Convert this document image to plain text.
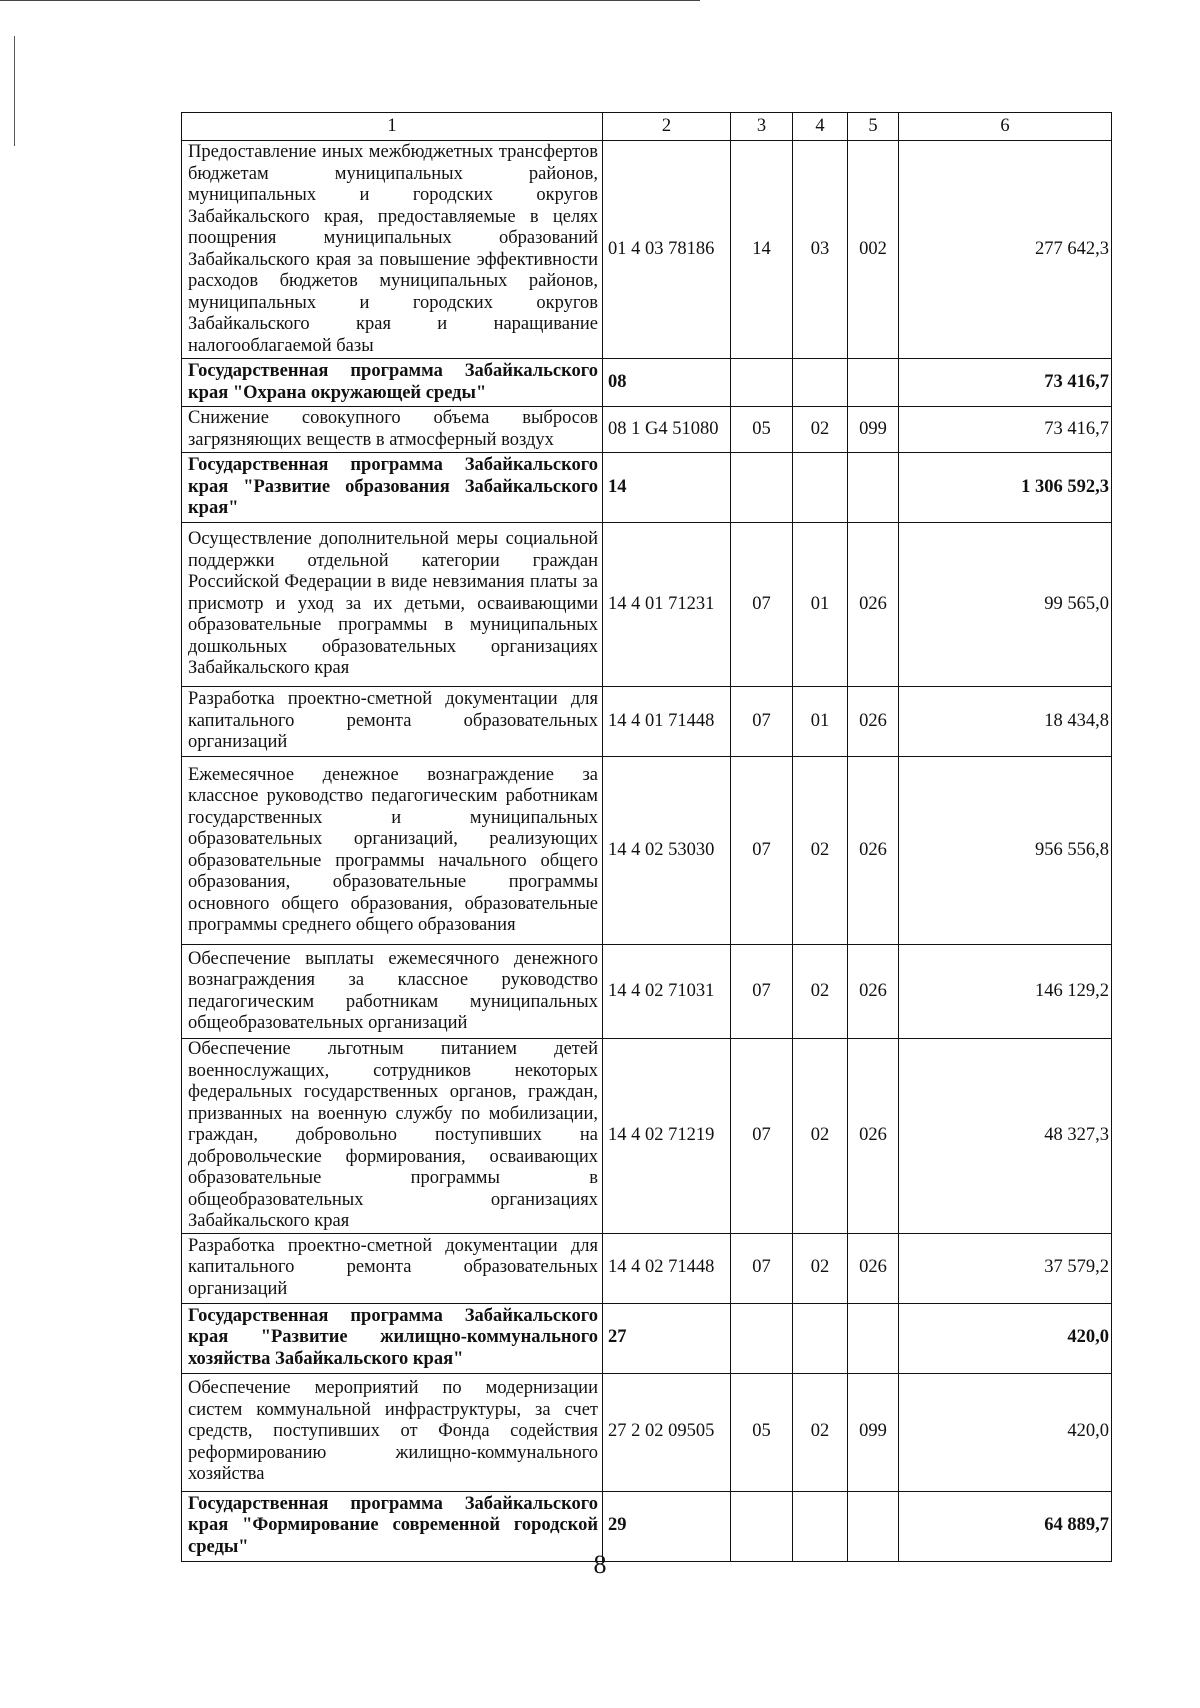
1	2	3	4	5	6
Предоставление иных межбюджетных трансфертов бюджетам муниципальных районов, муниципальных и городских округов Забайкальского края, предоставляемые в целях поощрения муниципальных образований Забайкальского края за повышение эффективности расходов бюджетов муниципальных районов, муниципальных и городских округов Забайкальского края и наращивание налогооблагаемой базы	01 4 03 78186	14	03	002	277 642,3
Государственная программа Забайкальского края "Охрана окружающей среды"	08				73 416,7
Снижение совокупного объема выбросов загрязняющих веществ в атмосферный воздух	08 1 G4 51080	05	02	099	73 416,7
Государственная программа Забайкальского края "Развитие образования Забайкальского края"	14				1 306 592,3
Осуществление дополнительной меры социальной поддержки отдельной категории граждан Российской Федерации в виде невзимания платы за присмотр и уход за их детьми, осваивающими образовательные программы в муниципальных дошкольных образовательных организациях Забайкальского края	14 4 01 71231	07	01	026	99 565,0
Разработка проектно-сметной документации для капитального ремонта образовательных организаций	14 4 01 71448	07	01	026	18 434,8
Ежемесячное денежное вознаграждение за классное руководство педагогическим работникам государственных и муниципальных образовательных организаций, реализующих образовательные программы начального общего образования, образовательные программы основного общего образования, образовательные программы среднего общего образования	14 4 02 53030	07	02	026	956 556,8
Обеспечение выплаты ежемесячного денежного вознаграждения за классное руководство педагогическим работникам муниципальных общеобразовательных организаций	14 4 02 71031	07	02	026	146 129,2
Обеспечение льготным питанием детей военнослужащих, сотрудников некоторых федеральных государственных органов, граждан, призванных на военную службу по мобилизации, граждан, добровольно поступивших на добровольческие формирования, осваивающих образовательные программы в общеобразовательных организациях Забайкальского края	14 4 02 71219	07	02	026	48 327,3
Разработка проектно-сметной документации для капитального ремонта образовательных организаций	14 4 02 71448	07	02	026	37 579,2
Государственная программа Забайкальского края "Развитие жилищно-коммунального хозяйства Забайкальского края"	27				420,0
Обеспечение мероприятий по модернизации систем коммунальной инфраструктуры, за счет средств, поступивших от Фонда содействия реформированию жилищно-коммунального хозяйства	27 2 02 09505	05	02	099	420,0
Государственная программа Забайкальского края "Формирование современной городской среды"	29				64 889,7
8
